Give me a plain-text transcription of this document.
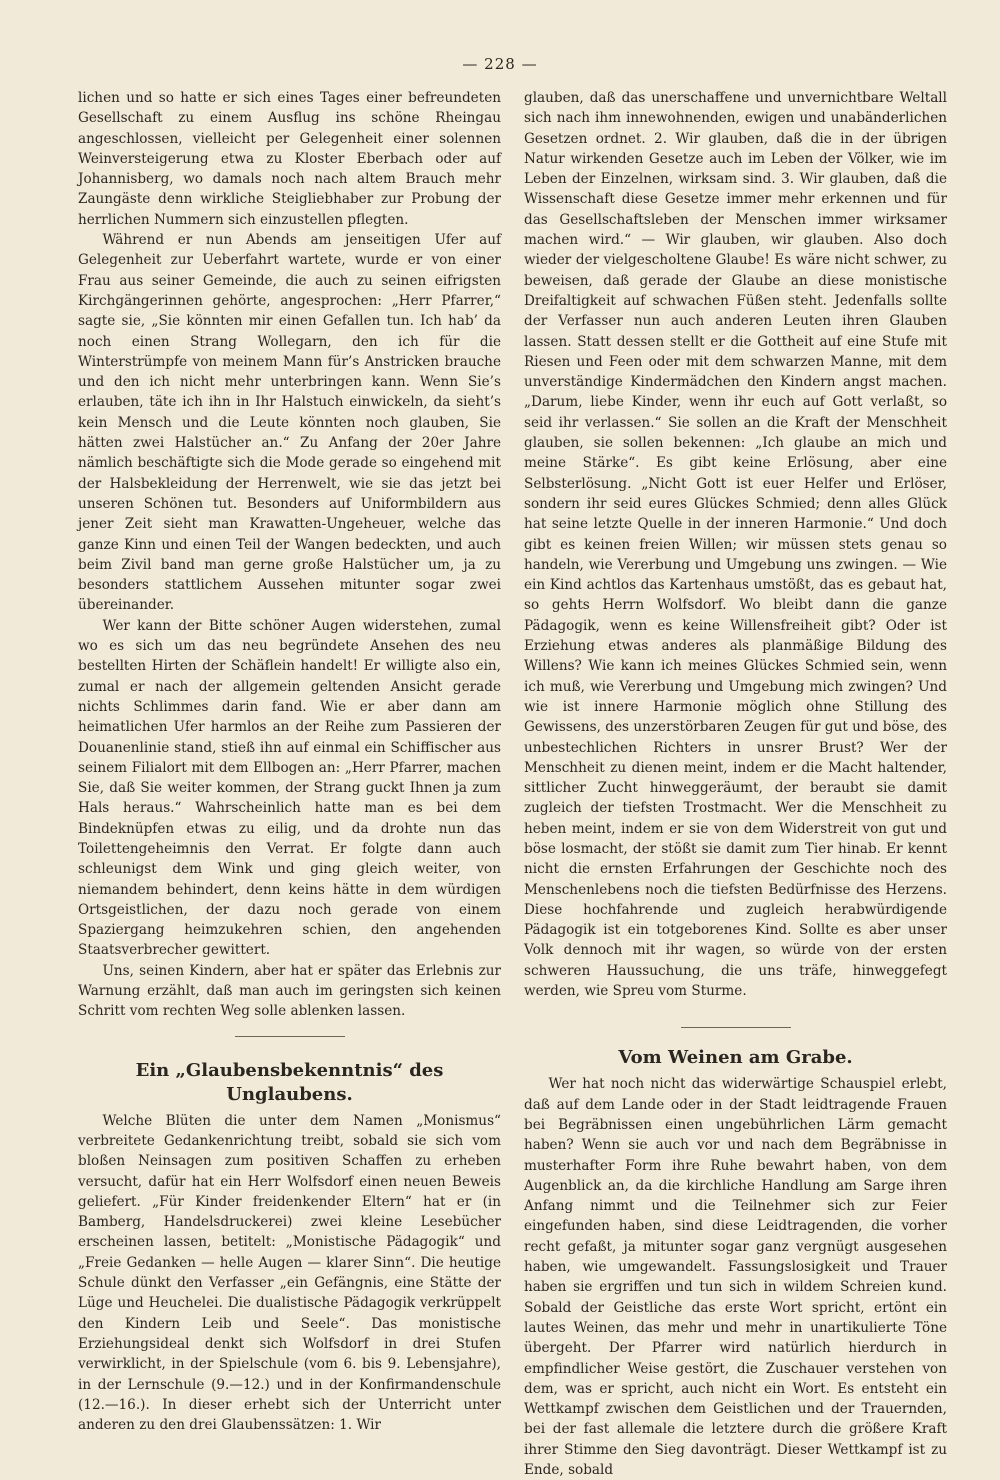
— 228 —

lichen und so hatte er sich eines Tages einer befreundeten Gesellschaft zu einem Ausflug ins schöne Rheingau angeschlossen, vielleicht per Gelegenheit einer solennen Weinversteigerung etwa zu Kloster Eberbach oder auf Johannisberg, wo damals noch nach altem Brauch mehr Zaungäste denn wirkliche Steigliebhaber zur Probung der herrlichen Nummern sich einzustellen pflegten.

Während er nun Abends am jenseitigen Ufer auf Gelegenheit zur Ueberfahrt wartete, wurde er von einer Frau aus seiner Gemeinde, die auch zu seinen eifrigsten Kirchgängerinnen gehörte, angesprochen: „Herr Pfarrer,“ sagte sie, „Sie könnten mir einen Gefallen tun. Ich hab’ da noch einen Strang Wollegarn, den ich für die Winterstrümpfe von meinem Mann für’s Anstricken brauche und den ich nicht mehr unterbringen kann. Wenn Sie’s erlauben, täte ich ihn in Ihr Halstuch einwickeln, da sieht’s kein Mensch und die Leute könnten noch glauben, Sie hätten zwei Halstücher an.“ Zu Anfang der 20er Jahre nämlich beschäftigte sich die Mode gerade so eingehend mit der Halsbekleidung der Herrenwelt, wie sie das jetzt bei unseren Schönen tut. Besonders auf Uniformbildern aus jener Zeit sieht man Krawatten-Ungeheuer, welche das ganze Kinn und einen Teil der Wangen bedeckten, und auch beim Zivil band man gerne große Halstücher um, ja zu besonders stattlichem Aussehen mitunter sogar zwei übereinander.

Wer kann der Bitte schöner Augen widerstehen, zumal wo es sich um das neu begründete Ansehen des neu bestellten Hirten der Schäflein handelt! Er willigte also ein, zumal er nach der allgemein geltenden Ansicht gerade nichts Schlimmes darin fand. Wie er aber dann am heimatlichen Ufer harmlos an der Reihe zum Passieren der Douanenlinie stand, stieß ihn auf einmal ein Schiffischer aus seinem Filialort mit dem Ellbogen an: „Herr Pfarrer, machen Sie, daß Sie weiter kommen, der Strang guckt Ihnen ja zum Hals heraus.“ Wahrscheinlich hatte man es bei dem Bindeknüpfen etwas zu eilig, und da drohte nun das Toilettengeheimnis den Verrat. Er folgte dann auch schleunigst dem Wink und ging gleich weiter, von niemandem behindert, denn keins hätte in dem würdigen Ortsgeistlichen, der dazu noch gerade von einem Spaziergang heimzukehren schien, den angehenden Staatsverbrecher gewittert.

Uns, seinen Kindern, aber hat er später das Erlebnis zur Warnung erzählt, daß man auch im geringsten sich keinen Schritt vom rechten Weg solle ablenken lassen.

Ein „Glaubensbekenntnis“ des Unglaubens.

Welche Blüten die unter dem Namen „Monismus“ verbreitete Gedankenrichtung treibt, sobald sie sich vom bloßen Neinsagen zum positiven Schaffen zu erheben versucht, dafür hat ein Herr Wolfsdorf einen neuen Beweis geliefert. „Für Kinder freidenkender Eltern“ hat er (in Bamberg, Handelsdruckerei) zwei kleine Lesebücher erscheinen lassen, betitelt: „Monistische Pädagogik“ und „Freie Gedanken — helle Augen — klarer Sinn“. Die heutige Schule dünkt den Verfasser „ein Gefängnis, eine Stätte der Lüge und Heuchelei. Die dualistische Pädagogik verkrüppelt den Kindern Leib und Seele“. Das monistische Erziehungsideal denkt sich Wolfsdorf in drei Stufen verwirklicht, in der Spielschule (vom 6. bis 9. Lebensjahre), in der Lernschule (9.—12.) und in der Konfirmandenschule (12.—16.). In dieser erhebt sich der Unterricht unter anderen zu den drei Glaubenssätzen: 1. Wir

glauben, daß das unerschaffene und unvernichtbare Weltall sich nach ihm innewohnenden, ewigen und unabänderlichen Gesetzen ordnet. 2. Wir glauben, daß die in der übrigen Natur wirkenden Gesetze auch im Leben der Völker, wie im Leben der Einzelnen, wirksam sind. 3. Wir glauben, daß die Wissenschaft diese Gesetze immer mehr erkennen und für das Gesellschaftsleben der Menschen immer wirksamer machen wird.“ — Wir glauben, wir glauben. Also doch wieder der vielgescholtene Glaube! Es wäre nicht schwer, zu beweisen, daß gerade der Glaube an diese monistische Dreifaltigkeit auf schwachen Füßen steht. Jedenfalls sollte der Verfasser nun auch anderen Leuten ihren Glauben lassen. Statt dessen stellt er die Gottheit auf eine Stufe mit Riesen und Feen oder mit dem schwarzen Manne, mit dem unverständige Kindermädchen den Kindern angst machen. „Darum, liebe Kinder, wenn ihr euch auf Gott verlaßt, so seid ihr verlassen.“ Sie sollen an die Kraft der Menschheit glauben, sie sollen bekennen: „Ich glaube an mich und meine Stärke“. Es gibt keine Erlösung, aber eine Selbsterlösung. „Nicht Gott ist euer Helfer und Erlöser, sondern ihr seid eures Glückes Schmied; denn alles Glück hat seine letzte Quelle in der inneren Harmonie.“ Und doch gibt es keinen freien Willen; wir müssen stets genau so handeln, wie Vererbung und Umgebung uns zwingen. — Wie ein Kind achtlos das Kartenhaus umstößt, das es gebaut hat, so gehts Herrn Wolfsdorf. Wo bleibt dann die ganze Pädagogik, wenn es keine Willensfreiheit gibt? Oder ist Erziehung etwas anderes als planmäßige Bildung des Willens? Wie kann ich meines Glückes Schmied sein, wenn ich muß, wie Vererbung und Umgebung mich zwingen? Und wie ist innere Harmonie möglich ohne Stillung des Gewissens, des unzerstörbaren Zeugen für gut und böse, des unbestechlichen Richters in unsrer Brust? Wer der Menschheit zu dienen meint, indem er die Macht haltender, sittlicher Zucht hinweggeräumt, der beraubt sie damit zugleich der tiefsten Trostmacht. Wer die Menschheit zu heben meint, indem er sie von dem Widerstreit von gut und böse losmacht, der stößt sie damit zum Tier hinab. Er kennt nicht die ernsten Erfahrungen der Geschichte noch des Menschenlebens noch die tiefsten Bedürfnisse des Herzens. Diese hochfahrende und zugleich herabwürdigende Pädagogik ist ein totgeborenes Kind. Sollte es aber unser Volk dennoch mit ihr wagen, so würde von der ersten schweren Haussuchung, die uns träfe, hinweggefegt werden, wie Spreu vom Sturme.

Vom Weinen am Grabe.

Wer hat noch nicht das widerwärtige Schauspiel erlebt, daß auf dem Lande oder in der Stadt leidtragende Frauen bei Begräbnissen einen ungebührlichen Lärm gemacht haben? Wenn sie auch vor und nach dem Begräbnisse in musterhafter Form ihre Ruhe bewahrt haben, von dem Augenblick an, da die kirchliche Handlung am Sarge ihren Anfang nimmt und die Teilnehmer sich zur Feier eingefunden haben, sind diese Leidtragenden, die vorher recht gefaßt, ja mitunter sogar ganz vergnügt ausgesehen haben, wie umgewandelt. Fassungslosigkeit und Trauer haben sie ergriffen und tun sich in wildem Schreien kund. Sobald der Geistliche das erste Wort spricht, ertönt ein lautes Weinen, das mehr und mehr in unartikulierte Töne übergeht. Der Pfarrer wird natürlich hierdurch in empfindlicher Weise gestört, die Zuschauer verstehen von dem, was er spricht, auch nicht ein Wort. Es entsteht ein Wettkampf zwischen dem Geistlichen und der Trauernden, bei der fast allemale die letztere durch die größere Kraft ihrer Stimme den Sieg davonträgt. Dieser Wettkampf ist zu Ende, sobald
